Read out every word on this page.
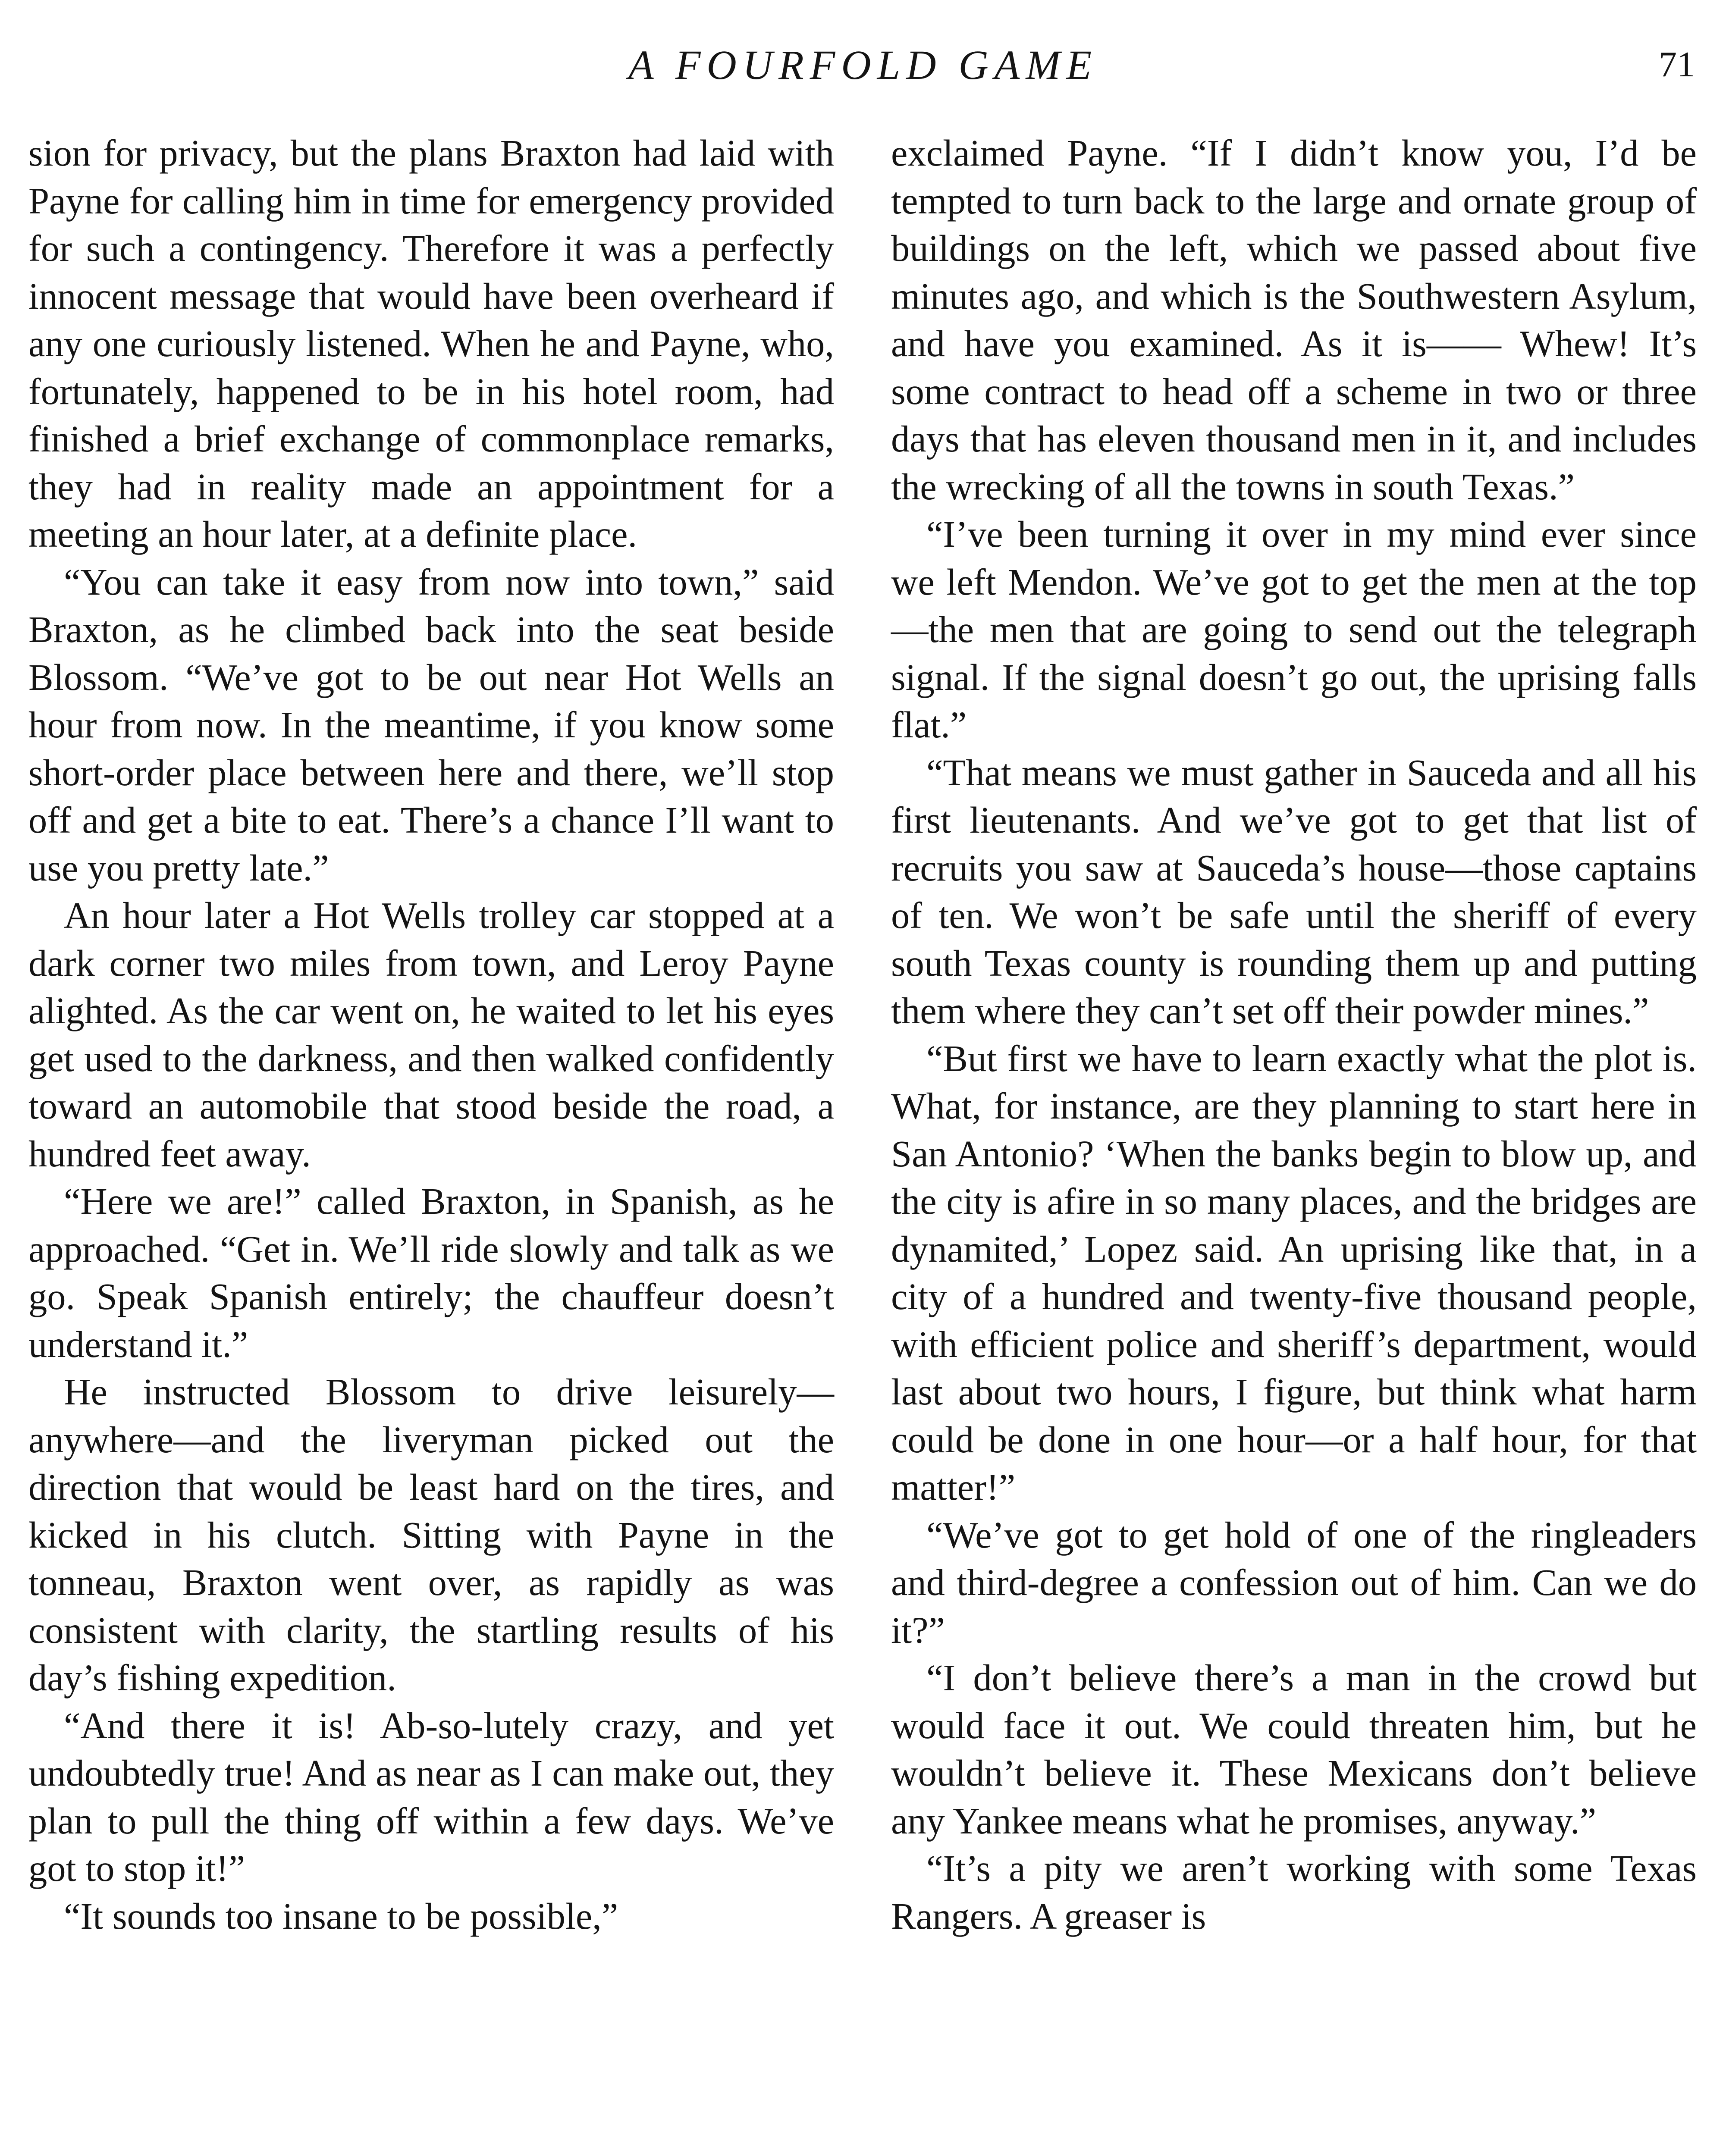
A FOURFOLD GAME	71

sion for privacy, but the plans Braxton had laid with Payne for calling him in time for emergency provided for such a contingency. Therefore it was a perfectly innocent message that would have been overheard if any one curiously listened. When he and Payne, who, fortunately, happened to be in his hotel room, had finished a brief exchange of commonplace remarks, they had in reality made an appointment for a meeting an hour later, at a definite place.

“You can take it easy from now into town,” said Braxton, as he climbed back into the seat beside Blossom. “We’ve got to be out near Hot Wells an hour from now. In the meantime, if you know some short-order place between here and there, we’ll stop off and get a bite to eat. There’s a chance I’ll want to use you pretty late.”

An hour later a Hot Wells trolley car stopped at a dark corner two miles from town, and Leroy Payne alighted. As the car went on, he waited to let his eyes get used to the darkness, and then walked confidently toward an automobile that stood beside the road, a hundred feet away.

“Here we are!” called Braxton, in Spanish, as he approached. “Get in. We’ll ride slowly and talk as we go. Speak Spanish entirely; the chauffeur doesn’t understand it.”

He instructed Blossom to drive leisurely—anywhere—and the liveryman picked out the direction that would be least hard on the tires, and kicked in his clutch. Sitting with Payne in the tonneau, Braxton went over, as rapidly as was consistent with clarity, the startling results of his day’s fishing expedition.

“And there it is! Ab-so-lutely crazy, and yet undoubtedly true! And as near as I can make out, they plan to pull the thing off within a few days. We’ve got to stop it!”

“It sounds too insane to be possible,”

exclaimed Payne. “If I didn’t know you, I’d be tempted to turn back to the large and ornate group of buildings on the left, which we passed about five minutes ago, and which is the Southwestern Asylum, and have you examined. As it is—— Whew! It’s some contract to head off a scheme in two or three days that has eleven thousand men in it, and includes the wrecking of all the towns in south Texas.”

“I’ve been turning it over in my mind ever since we left Mendon. We’ve got to get the men at the top—the men that are going to send out the telegraph signal. If the signal doesn’t go out, the uprising falls flat.”

“That means we must gather in Sauceda and all his first lieutenants. And we’ve got to get that list of recruits you saw at Sauceda’s house—those captains of ten. We won’t be safe until the sheriff of every south Texas county is rounding them up and putting them where they can’t set off their powder mines.”

“But first we have to learn exactly what the plot is. What, for instance, are they planning to start here in San Antonio? ‘When the banks begin to blow up, and the city is afire in so many places, and the bridges are dynamited,’ Lopez said. An uprising like that, in a city of a hundred and twenty-five thousand people, with efficient police and sheriff’s department, would last about two hours, I figure, but think what harm could be done in one hour—or a half hour, for that matter!”

“We’ve got to get hold of one of the ringleaders and third-degree a confession out of him. Can we do it?”

“I don’t believe there’s a man in the crowd but would face it out. We could threaten him, but he wouldn’t believe it. These Mexicans don’t believe any Yankee means what he promises, anyway.”

“It’s a pity we aren’t working with some Texas Rangers. A greaser is
